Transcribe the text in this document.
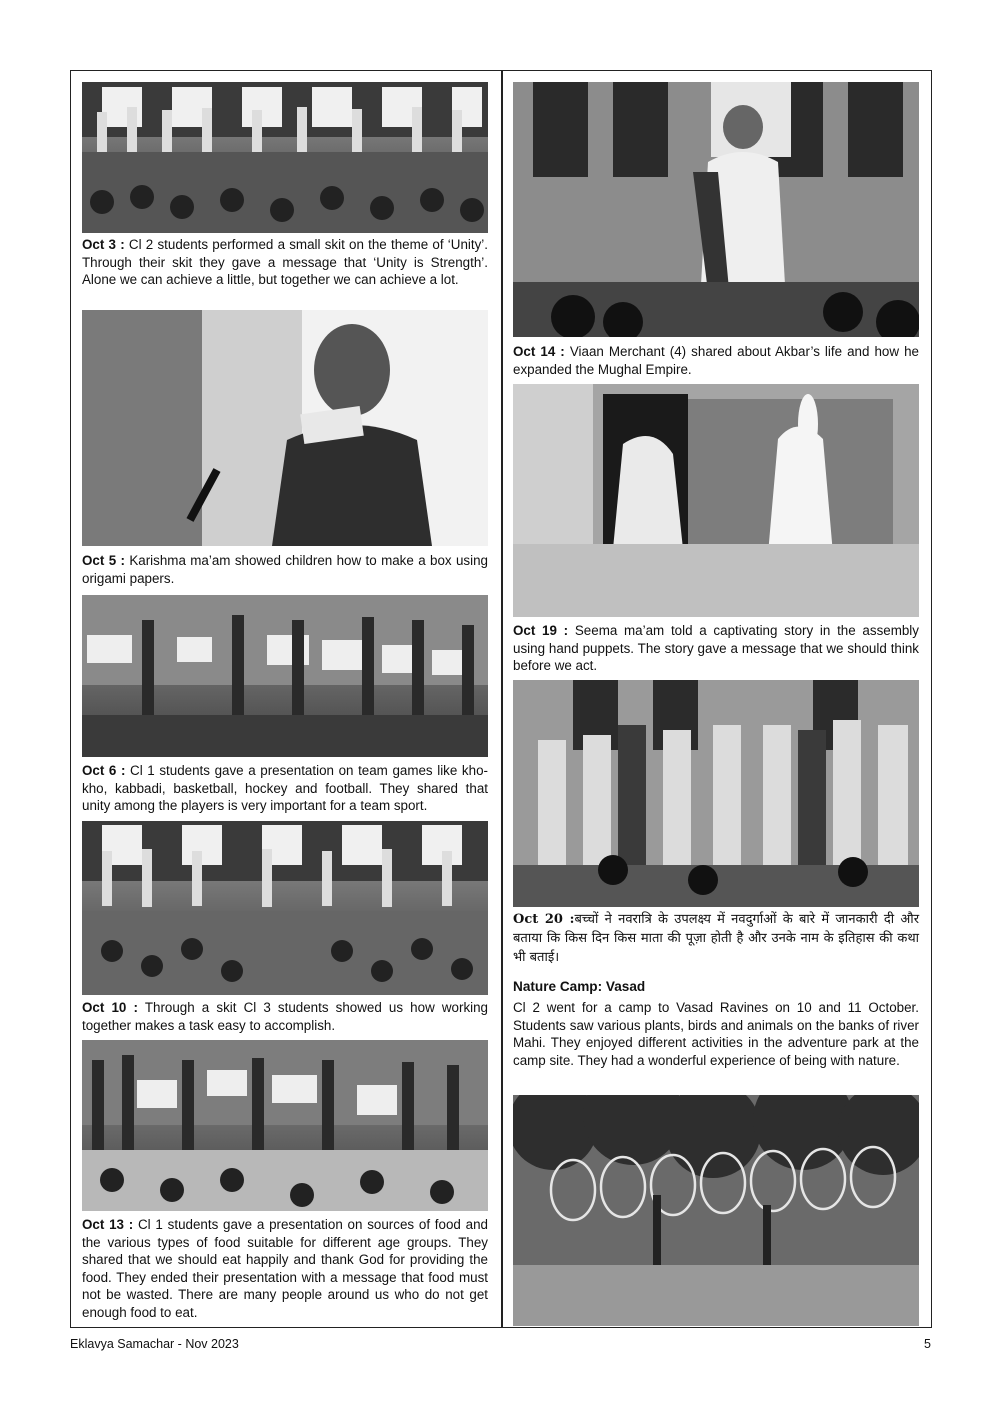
Oct 3 : Cl 2 students performed a small skit on the theme of ‘Unity’. Through their skit they gave a message that ‘Unity is Strength’. Alone we can achieve a little, but together we can achieve a lot.

Oct 5 : Karishma ma’am showed children how to make a box using origami papers.

Oct 6 : Cl 1 students gave a presentation on team games like kho-kho, kabbadi, basketball, hockey and football. They shared that unity among the players is very important for a team sport.

Oct 10 : Through a skit Cl 3 students showed us how working together makes a task easy to accomplish.

Oct 13 : Cl 1 students gave a presentation on sources of food and the various types of food suitable for different age groups. They shared that we should eat happily and thank God for providing the food. They ended their presentation with a message that food must not be wasted. There are many people around us who do not get enough food to eat.

Oct 14 : Viaan Merchant (4) shared about Akbar’s life and how he expanded the Mughal Empire.

Oct 19 : Seema ma’am told a captivating story in the assembly using hand puppets. The story gave a message that we should think before we act.

Oct 20 :बच्चों ने नवरात्रि के उपलक्ष्य में नवदुर्गाओं के बारे में जानकारी दी और बताया कि किस दिन किस माता की पूज़ा होती है और उनके नाम के इतिहास की कथा भी बताई।

Nature Camp: Vasad

Cl 2 went for a camp to Vasad Ravines on 10 and 11 October. Students saw various plants, birds and animals on the banks of river Mahi. They enjoyed different activities in the adventure park at the camp site. They had a wonderful experience of being with nature.

Eklavya Samachar - Nov 2023	5
